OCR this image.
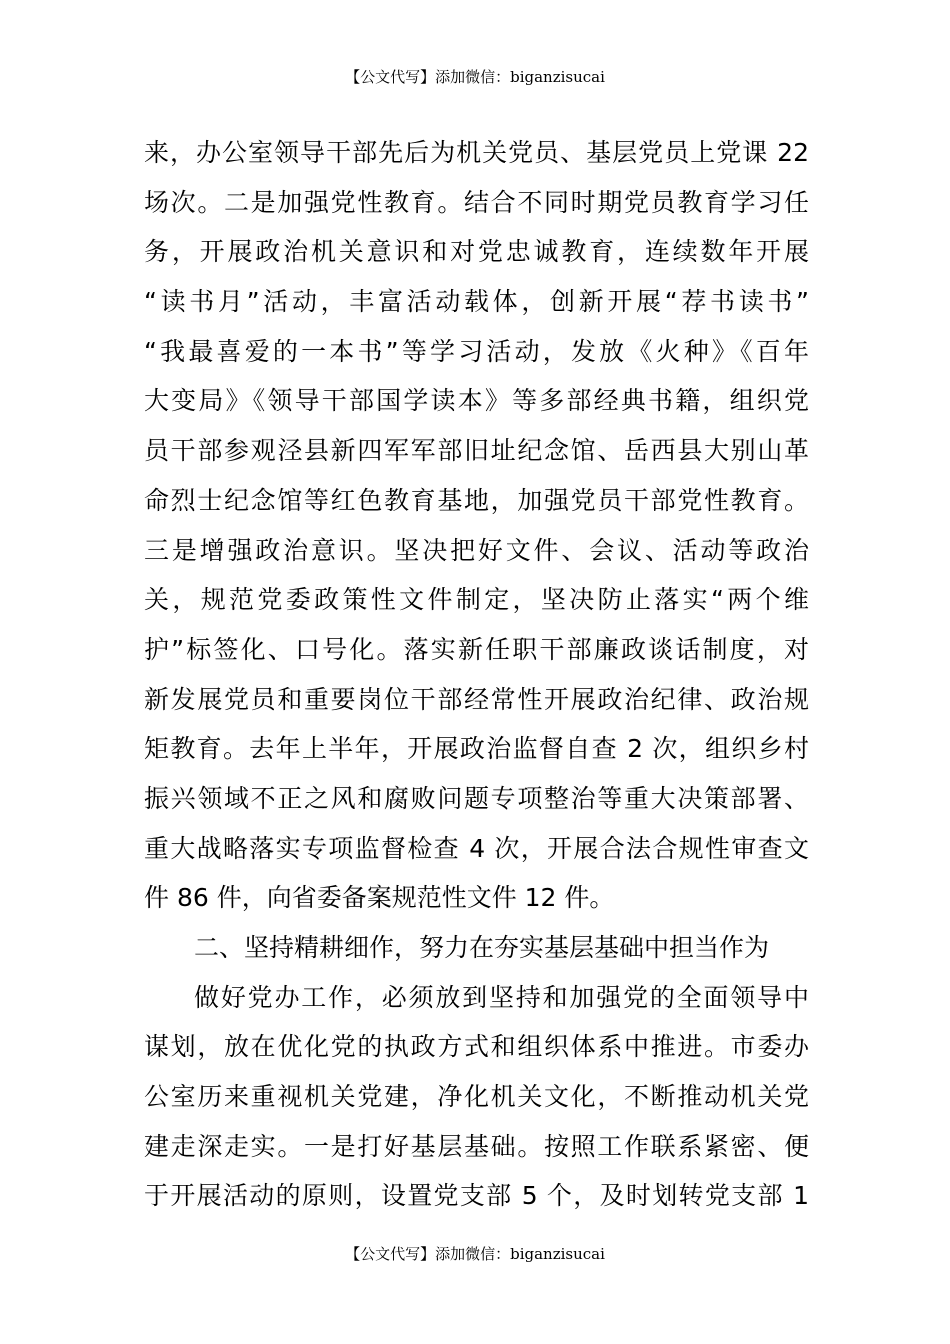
【公文代写】添加微信：biganzisucai
来，办公室领导干部先后为机关党员、基层党员上党课 22
场次。二是加强党性教育。结合不同时期党员教育学习任
务，开展政治机关意识和对党忠诚教育，连续数年开展
“读书月”活动，丰富活动载体，创新开展“荐书读书”
“我最喜爱的一本书”等学习活动，发放《火种》《百年
大变局》《领导干部国学读本》等多部经典书籍，组织党
员干部参观泾县新四军军部旧址纪念馆、岳西县大别山革
命烈士纪念馆等红色教育基地，加强党员干部党性教育。
三是增强政治意识。坚决把好文件、会议、活动等政治
关，规范党委政策性文件制定，坚决防止落实“两个维
护”标签化、口号化。落实新任职干部廉政谈话制度，对
新发展党员和重要岗位干部经常性开展政治纪律、政治规
矩教育。去年上半年，开展政治监督自查 2 次，组织乡村
振兴领域不正之风和腐败问题专项整治等重大决策部署、
重大战略落实专项监督检查 4 次，开展合法合规性审查文
件 86 件，向省委备案规范性文件 12 件。
二、坚持精耕细作，努力在夯实基层基础中担当作为
做好党办工作，必须放到坚持和加强党的全面领导中
谋划，放在优化党的执政方式和组织体系中推进。市委办
公室历来重视机关党建，净化机关文化，不断推动机关党
建走深走实。一是打好基层基础。按照工作联系紧密、便
于开展活动的原则，设置党支部 5 个，及时划转党支部 1
【公文代写】添加微信：biganzisucai
